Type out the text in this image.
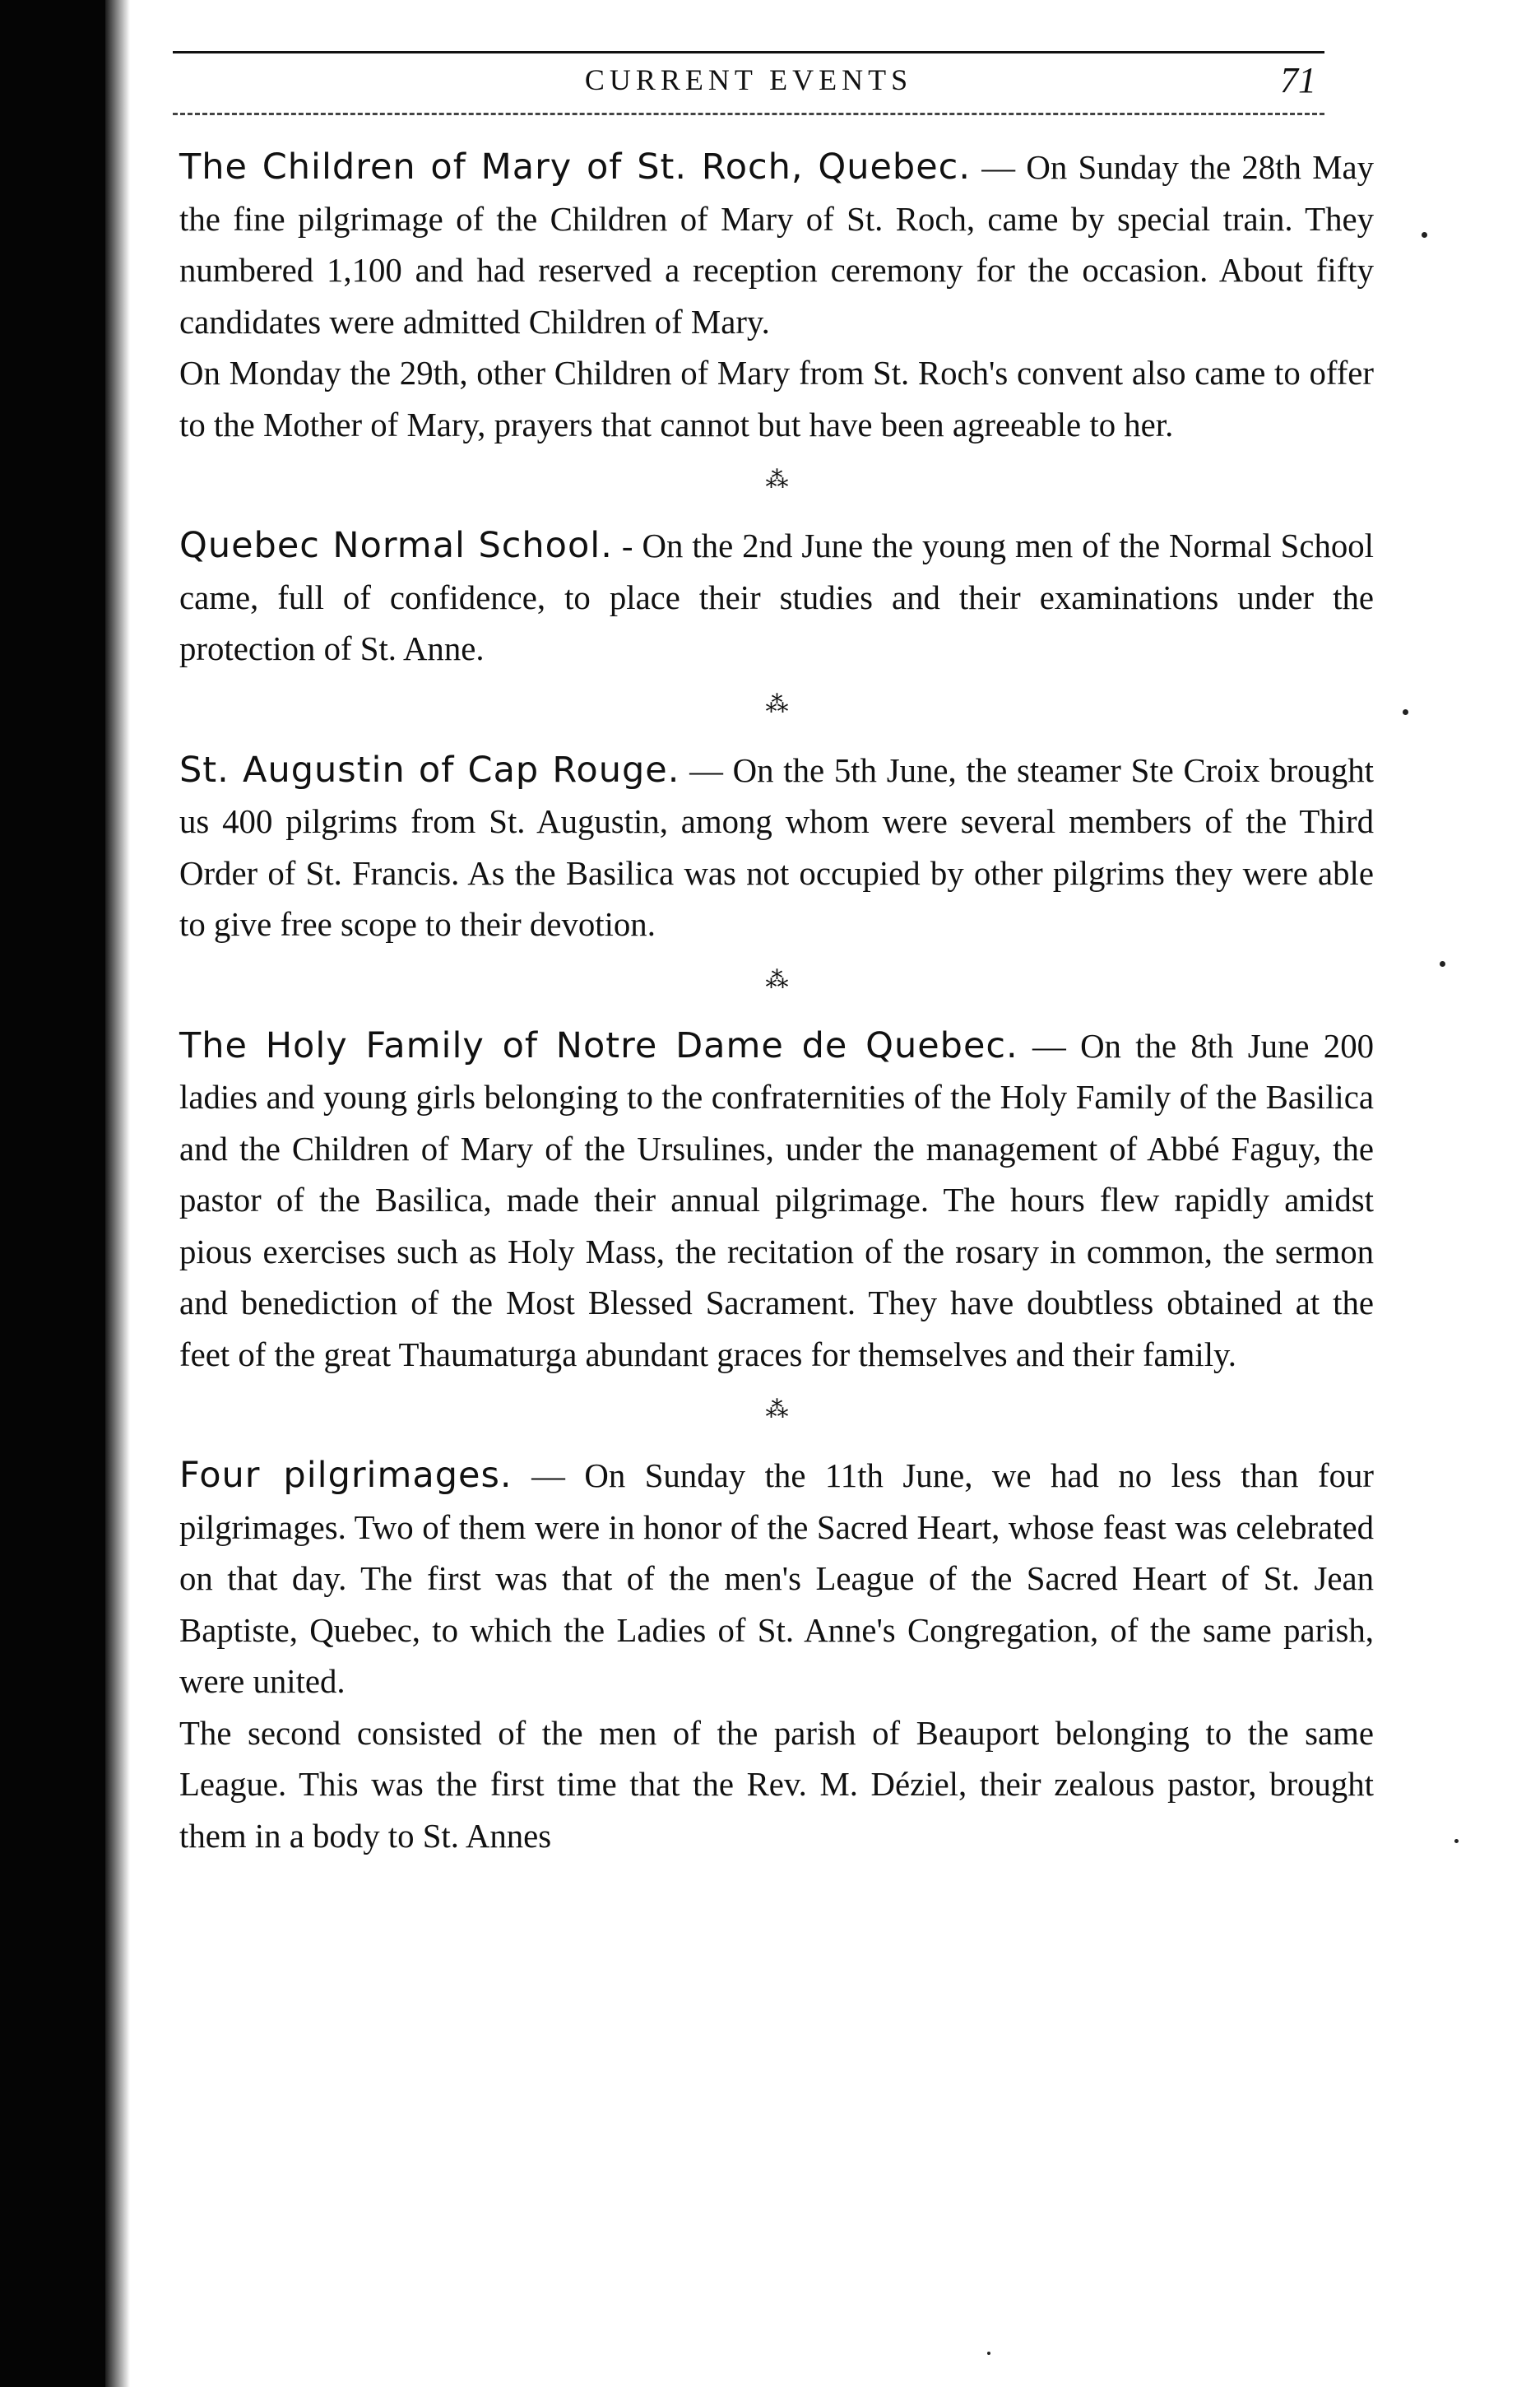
CURRENT EVENTS	71

The Children of Mary of St. Roch, Quebec. — On Sunday the 28th May the fine pilgrimage of the Children of Mary of St. Roch, came by special train. They numbered 1,100 and had reserved a reception ceremony for the occasion. About fifty candidates were admitted Children of Mary.

On Monday the 29th, other Children of Mary from St. Roch's convent also came to offer to the Mother of Mary, prayers that cannot but have been agreeable to her.

⁂

Quebec Normal School. - On the 2nd June the young men of the Normal School came, full of confidence, to place their studies and their examinations under the protection of St. Anne.

⁂

St. Augustin of Cap Rouge. — On the 5th June, the steamer Ste Croix brought us 400 pilgrims from St. Augustin, among whom were several members of the Third Order of St. Francis. As the Basilica was not occupied by other pilgrims they were able to give free scope to their devotion.

⁂

The Holy Family of Notre Dame de Quebec. — On the 8th June 200 ladies and young girls belonging to the confraternities of the Holy Family of the Basilica and the Children of Mary of the Ursulines, under the management of Abbé Faguy, the pastor of the Basilica, made their annual pilgrimage. The hours flew rapidly amidst pious exercises such as Holy Mass, the recitation of the rosary in common, the sermon and benediction of the Most Blessed Sacrament. They have doubtless obtained at the feet of the great Thaumaturga abundant graces for themselves and their family.

⁂

Four pilgrimages. — On Sunday the 11th June, we had no less than four pilgrimages. Two of them were in honor of the Sacred Heart, whose feast was celebrated on that day. The first was that of the men's League of the Sacred Heart of St. Jean Baptiste, Quebec, to which the Ladies of St. Anne's Congregation, of the same parish, were united.

The second consisted of the men of the parish of Beauport belonging to the same League. This was the first time that the Rev. M. Déziel, their zealous pastor, brought them in a body to St. Annes
